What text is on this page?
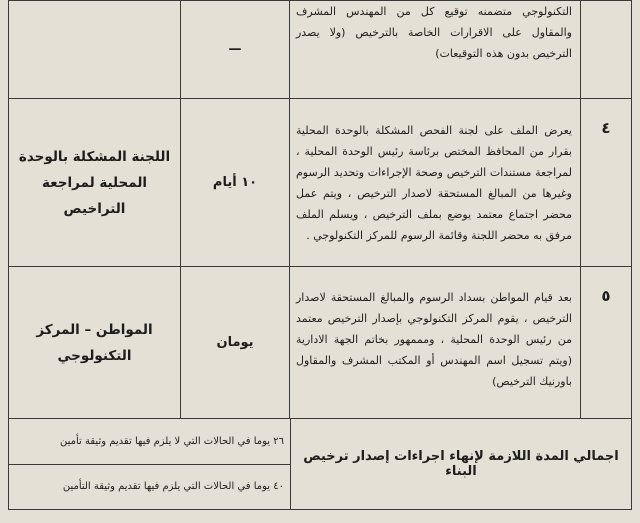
	التكنولوجي متضمنه توقيع كل من المهندس المشرف والمقاول على الاقرارات الخاصة بالترخيص (ولا يصدر الترخيص بدون هذه التوقيعات)	—	
٤	يعرض الملف على لجنة الفحص المشكلة بالوحدة المحلية بقرار من المحافظ المختص برئاسة رئيس الوحدة المحلية ، لمراجعة مستندات الترخيص وصحة الإجراءات وتحديد الرسوم وغيرها من المبالغ المستحقة لاصدار الترخيص ، ويتم عمل محضر اجتماع معتمد يوضع بملف الترخيص ، ويسلم الملف مرفق به محضر اللجنة وقائمة الرسوم للمركز التكنولوجي .	١٠ أيام	اللجنة المشكلة بالوحدة المحلية لمراجعة التراخيص
٥	بعد قيام المواطن بسداد الرسوم والمبالغ المستحقة لاصدار الترخيص ، يقوم المركز التكنولوجي بإصدار الترخيص معتمد من رئيس الوحدة المحلية ، ومممهور بخاتم الجهة الادارية (ويتم تسجيل اسم المهندس أو المكتب المشرف والمقاول باورنيك الترخيص)	يومان	المواطن – المركز التكنولوجي
اجمالي المدة اللازمة لإنهاء اجراءات إصدار ترخيص البناء	٢٦ يوما في الحالات التي لا يلزم فيها تقديم وثيقة تأمين
٤٠ يوما في الحالات التي يلزم فيها تقديم وثيقة التأمين
